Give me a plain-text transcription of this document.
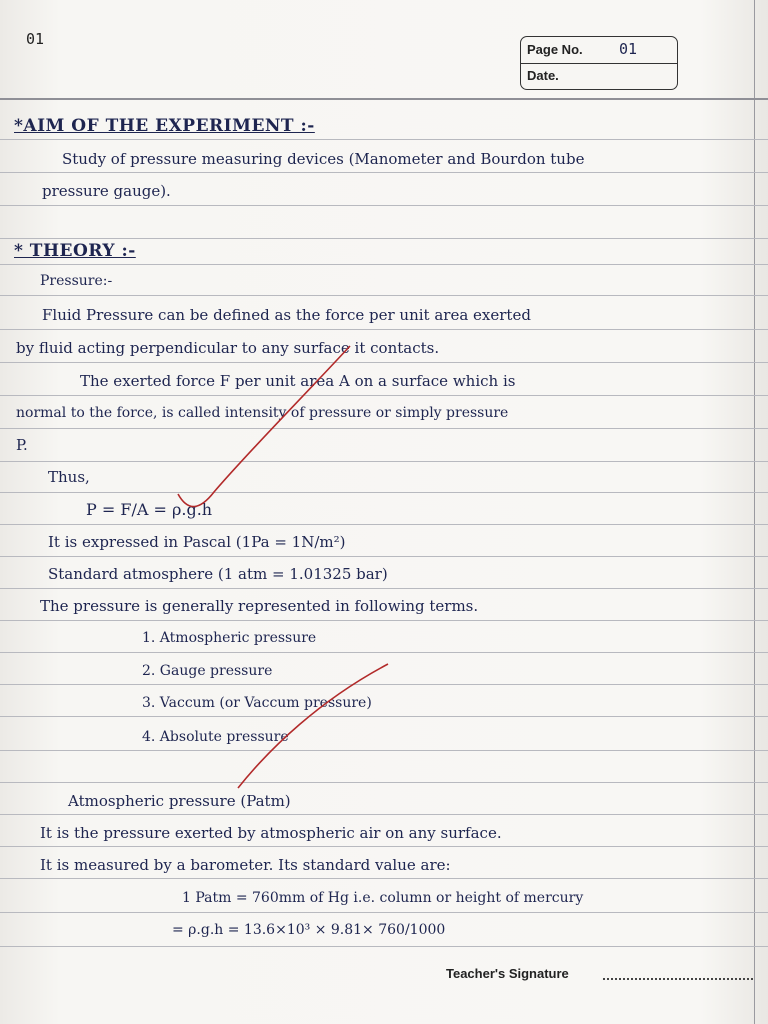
01
Page No. 01
Date.
*AIM OF THE EXPERIMENT :-
Study of pressure measuring devices (Manometer and Bourdon tube
pressure gauge).
* THEORY :-
Pressure:-
Fluid Pressure can be defined as the force per unit area exerted
by fluid acting perpendicular to any surface it contacts.
The exerted force F per unit area A on a surface which is
normal to the force, is called intensity of pressure or simply pressure
P.
Thus,
P = F/A = ρ.g.h
It is expressed in Pascal (1Pa = 1N/m²)
Standard atmosphere (1 atm = 1.01325 bar)
The pressure is generally represented in following terms.
1. Atmospheric pressure
2. Gauge pressure
3. Vaccum (or Vaccum pressure)
4. Absolute pressure
Atmospheric pressure (Patm)
It is the pressure exerted by atmospheric air on any surface.
It is measured by a barometer. Its standard value are:
1 Patm = 760mm of Hg i.e. column or height of mercury
= ρ.g.h = 13.6×10³ × 9.81× 760/1000
Teacher's Signature
